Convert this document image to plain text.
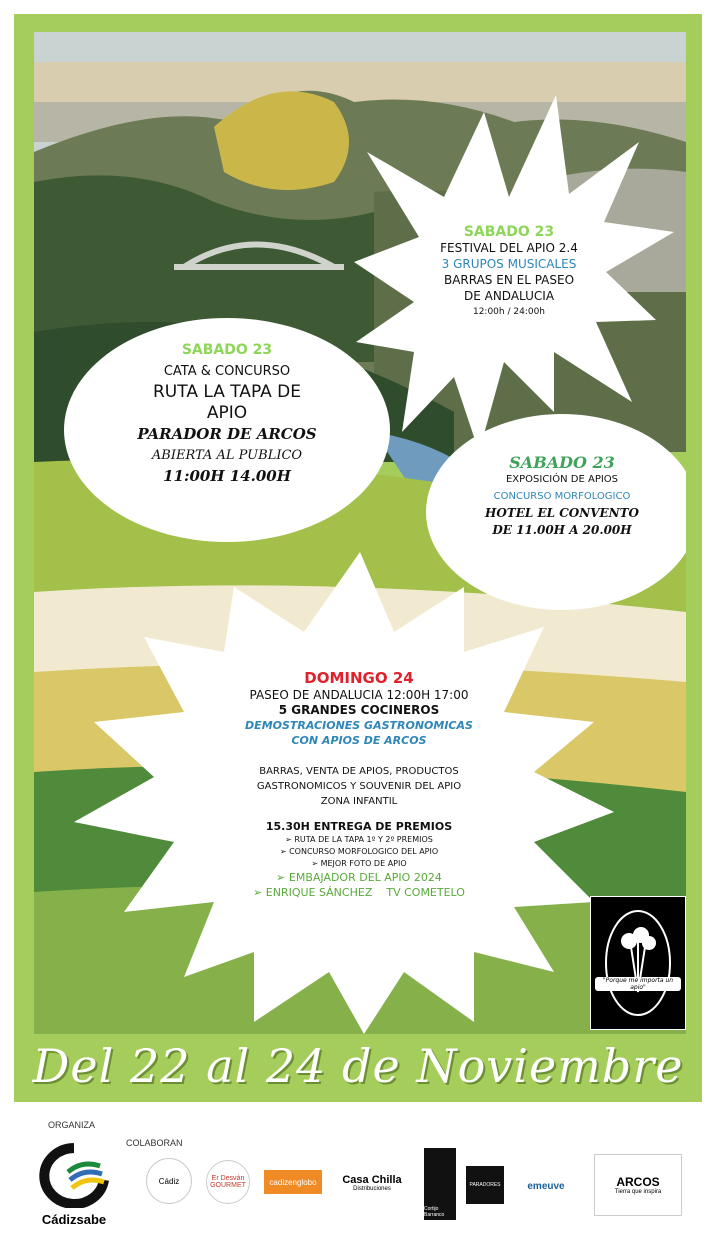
SABADO 23
FESTIVAL DEL APIO 2.4
3 GRUPOS MUSICALES
BARRAS EN EL PASEO
DE ANDALUCIA
12:00h / 24:00h
SABADO 23
CATA & CONCURSO
RUTA LA TAPA DE
APIO
PARADOR DE ARCOS
ABIERTA AL PUBLICO
11:00H 14.00H
SABADO 23
EXPOSICIÓN DE APIOS
CONCURSO MORFOLOGICO
HOTEL EL CONVENTO
DE 11.00H A 20.00H
DOMINGO 24
PASEO DE ANDALUCIA 12:00H 17:00
5 GRANDES COCINEROS
DEMOSTRACIONES GASTRONOMICAS
CON APIOS DE ARCOS
BARRAS, VENTA DE APIOS, PRODUCTOS
GASTRONOMICOS Y SOUVENIR DEL APIO
ZONA INFANTIL
15.30H ENTREGA DE PREMIOS
➢ RUTA DE LA TAPA 1º Y 2º PREMIOS
➢ CONCURSO MORFOLOGICO DEL APIO
➢ MEJOR FOTO DE APIO
➢ EMBAJADOR DEL APIO 2024
➢ ENRIQUE SÁNCHEZ TV COMETELO
"Porque me importa un apio"
Del 22 al 24 de Noviembre
ORGANIZA
Cádizsabe
COLABORAN
Cádiz	Er Desván GOURMET	cadizenglobo Casa Chilla
Distribuciones
Cortijo Barranco
PARADORES	emeuve	ARCOS
Tierra que inspira
